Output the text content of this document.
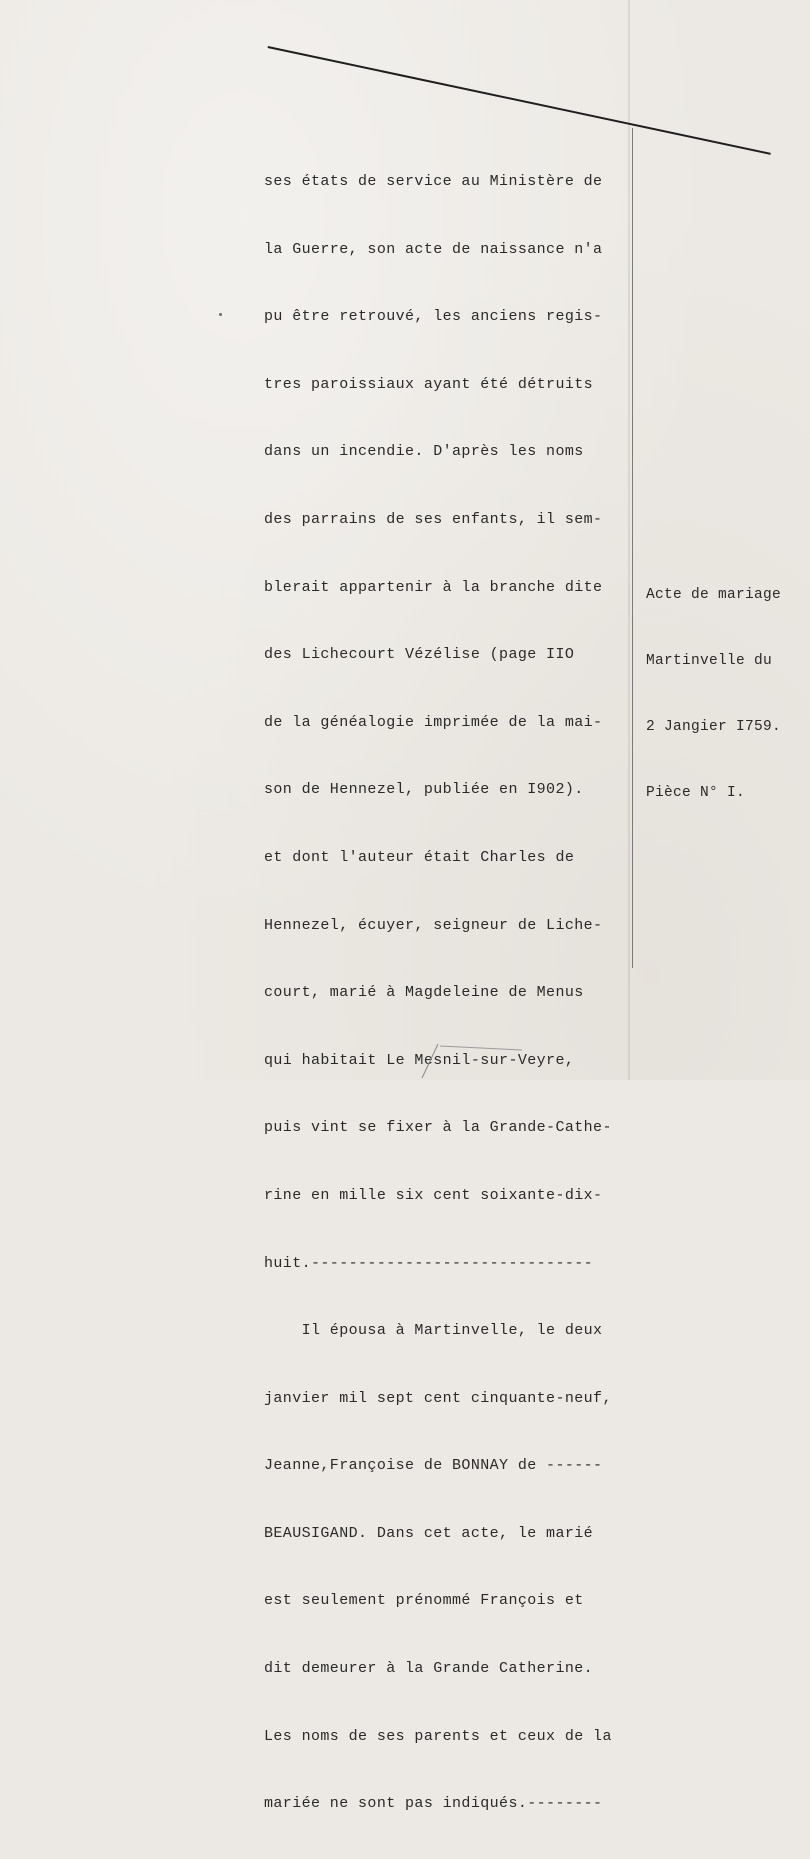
ses états de service au Ministère de

la Guerre, son acte de naissance n'a

pu être retrouvé, les anciens regis-

tres paroissiaux ayant été détruits

dans un incendie. D'après les noms

des parrains de ses enfants, il sem-

blerait appartenir à la branche dite

des Lichecourt Vézélise (page IIO

de la généalogie imprimée de la mai-

son de Hennezel, publiée en I902).

et dont l'auteur était Charles de

Hennezel, écuyer, seigneur de Liche-

court, marié à Magdeleine de Menus

qui habitait Le Mesnil-sur-Veyre,

puis vint se fixer à la Grande-Cathe-

rine en mille six cent soixante-dix-

huit.------------------------------

Il épousa à Martinvelle, le deux

janvier mil sept cent cinquante-neuf,

Jeanne,Françoise de BONNAY de ------

BEAUSIGAND. Dans cet acte, le marié

est seulement prénommé François et

dit demeurer à la Grande Catherine.

Les noms de ses parents et ceux de la

mariée ne sont pas indiqués.--------

Acte de mariage

Martinvelle du

2 Jangier I759.

Pièce N° I.
